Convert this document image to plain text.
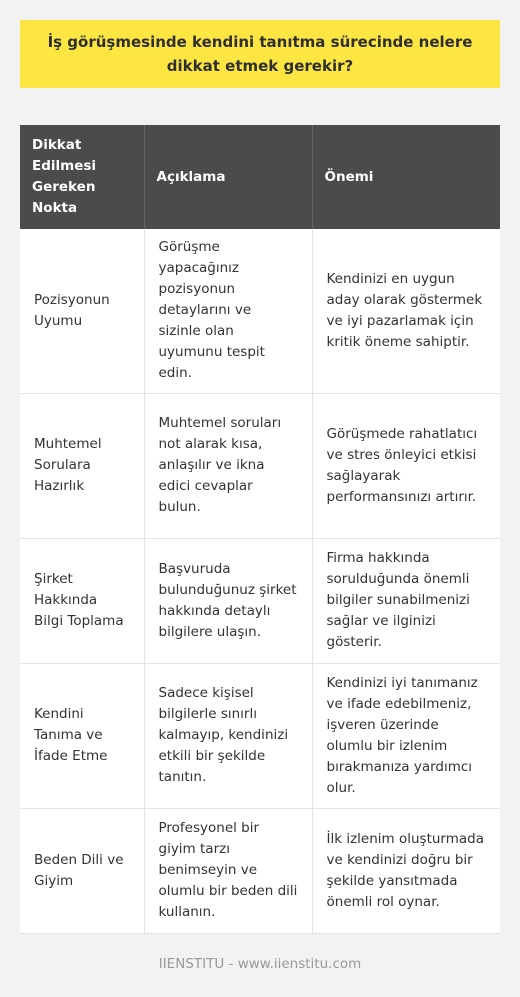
İş görüşmesinde kendini tanıtma sürecinde nelere dikkat etmek gerekir?
Dikkat Edilmesi Gereken Nokta	Açıklama	Önemi
Pozisyonun Uyumu	Görüşme yapacağınız pozisyonun detaylarını ve sizinle olan uyumunu tespit edin.	Kendinizi en uygun aday olarak göstermek ve iyi pazarlamak için kritik öneme sahiptir.
Muhtemel Sorulara Hazırlık	Muhtemel soruları not alarak kısa, anlaşılır ve ikna edici cevaplar bulun.	Görüşmede rahatlatıcı ve stres önleyici etkisi sağlayarak performansınızı artırır.
Şirket Hakkında Bilgi Toplama	Başvuruda bulunduğunuz şirket hakkında detaylı bilgilere ulaşın.	Firma hakkında sorulduğunda önemli bilgiler sunabilmenizi sağlar ve ilginizi gösterir.
Kendini Tanıma ve İfade Etme	Sadece kişisel bilgilerle sınırlı kalmayıp, kendinizi etkili bir şekilde tanıtın.	Kendinizi iyi tanımanız ve ifade edebilmeniz, işveren üzerinde olumlu bir izlenim bırakmanıza yardımcı olur.
Beden Dili ve Giyim	Profesyonel bir giyim tarzı benimseyin ve olumlu bir beden dili kullanın.	İlk izlenim oluşturmada ve kendinizi doğru bir şekilde yansıtmada önemli rol oynar.
IIENSTITU - www.iienstitu.com
